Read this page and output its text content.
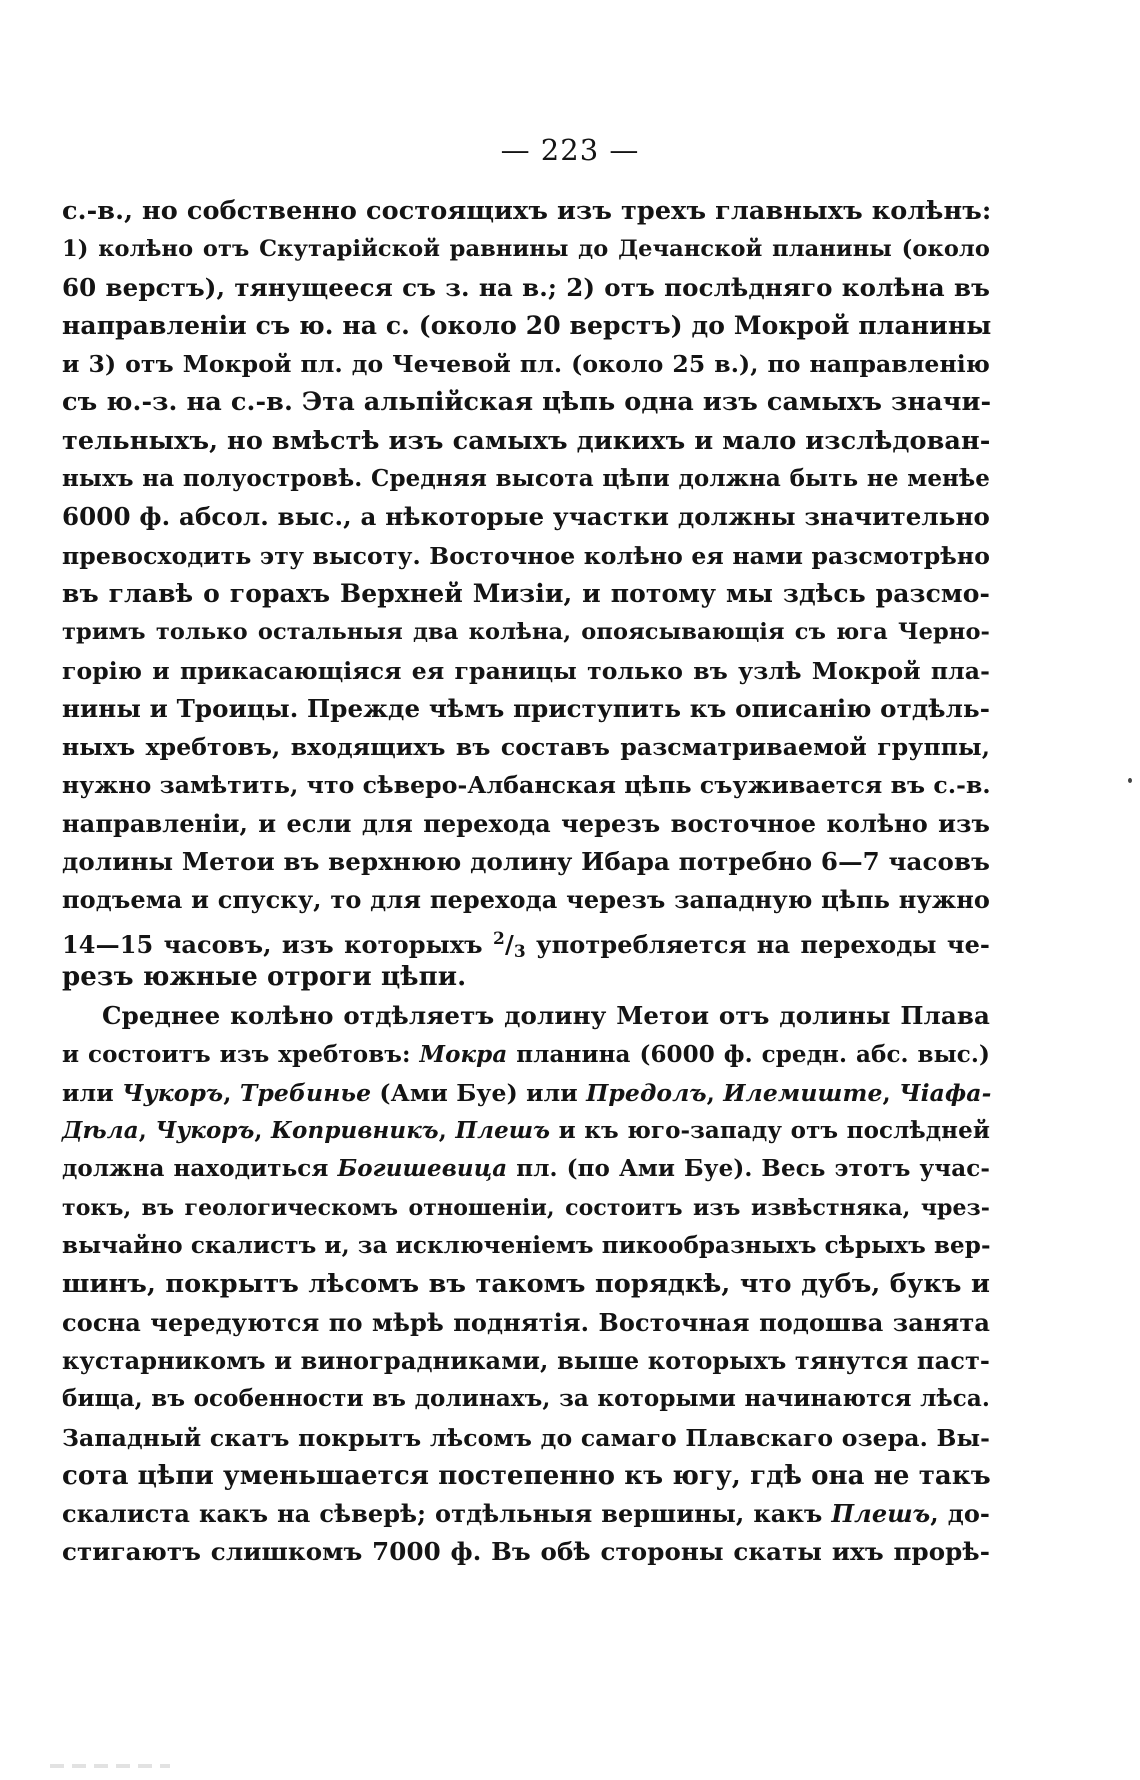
— 223 —
с.-в., но собственно состоящихъ изъ трехъ главныхъ колѣнъ:
1) колѣно отъ Скутарійской равнины до Дечанской планины (около
60 верстъ), тянущееся съ з. на в.; 2) отъ послѣдняго колѣна въ
направленіи съ ю. на с. (около 20 верстъ) до Мокрой планины
и 3) отъ Мокрой пл. до Чечевой пл. (около 25 в.), по направленію
съ ю.-з. на с.-в. Эта альпійская цѣпь одна изъ самыхъ значи-
тельныхъ, но вмѣстѣ изъ самыхъ дикихъ и мало изслѣдован-
ныхъ на полуостровѣ. Средняя высота цѣпи должна быть не менѣе
6000 ф. абсол. выс., а нѣкоторые участки должны значительно
превосходить эту высоту. Восточное колѣно ея нами разсмотрѣно
въ главѣ о горахъ Верхней Мизіи, и потому мы здѣсь разсмо-
тримъ только остальныя два колѣна, опоясывающія съ юга Черно-
горію и прикасающіяся ея границы только въ узлѣ Мокрой пла-
нины и Троицы. Прежде чѣмъ приступить къ описанію отдѣль-
ныхъ хребтовъ, входящихъ въ составъ разсматриваемой группы,
нужно замѣтить, что сѣверо-Албанская цѣпь съуживается въ с.-в.
направленіи, и если для перехода черезъ восточное колѣно изъ
долины Метои въ верхнюю долину Ибара потребно 6—7 часовъ
подъема и спуску, то для перехода черезъ западную цѣпь нужно
14—15 часовъ, изъ которыхъ $^2/_3$ употребляется на переходы че-
резъ южные отроги цѣпи.
Среднее колѣно отдѣляетъ долину Метои отъ долины Плава
и состоитъ изъ хребтовъ: Мокра планина (6000 ф. средн. абс. выс.)
или Чукоръ, Требинье (Ами Буе) или Предолъ, Илемиште, Чіафа-
Дѣла, Чукоръ, Копривникъ, Плешъ и къ юго-западу отъ послѣдней
должна находиться Богишевица пл. (по Ами Буе). Весь этотъ учас-
токъ, въ геологическомъ отношеніи, состоитъ изъ извѣстняка, чрез-
вычайно скалистъ и, за исключеніемъ пикообразныхъ сѣрыхъ вер-
шинъ, покрытъ лѣсомъ въ такомъ порядкѣ, что дубъ, букъ и
сосна чередуются по мѣрѣ поднятія. Восточная подошва занята
кустарникомъ и виноградниками, выше которыхъ тянутся паст-
бища, въ особенности въ долинахъ, за которыми начинаются лѣса.
Западный скатъ покрытъ лѣсомъ до самаго Плавскаго озера. Вы-
сота цѣпи уменьшается постепенно къ югу, гдѣ она не такъ
скалиста какъ на сѣверѣ; отдѣльныя вершины, какъ Плешъ, до-
стигаютъ слишкомъ 7000 ф. Въ обѣ стороны скаты ихъ прорѣ-
